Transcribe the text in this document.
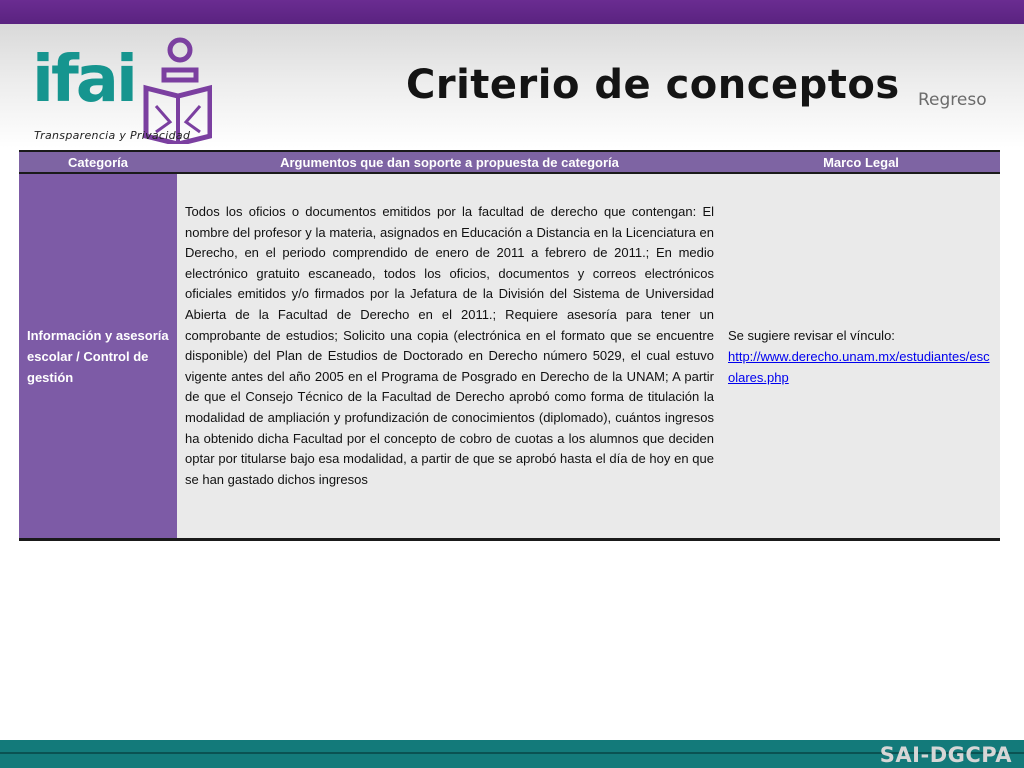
ifai
Transparencia y Privacidad
Criterio de conceptos Regreso
Categoría	Argumentos que dan soporte a propuesta de categoría	Marco Legal
Información y asesoría escolar / Control de gestión
Todos los oficios o documentos emitidos por la facultad de derecho que contengan: El nombre del profesor y la materia, asignados en Educación a Distancia en la Licenciatura en Derecho, en el periodo comprendido de enero de 2011 a febrero de 2011.; En medio electrónico gratuito escaneado, todos los oficios, documentos y correos electrónicos oficiales emitidos y/o firmados por la Jefatura de la División del Sistema de Universidad Abierta de la Facultad de Derecho en el 2011.; Requiere asesoría para tener un comprobante de estudios; Solicito una copia (electrónica en el formato que se encuentre disponible) del Plan de Estudios de Doctorado en Derecho número 5029, el cual estuvo vigente antes del año 2005 en el Programa de Posgrado en Derecho de la UNAM; A partir de que el Consejo Técnico de la Facultad de Derecho aprobó como forma de titulación la modalidad de ampliación y profundización de conocimientos (diplomado), cuántos ingresos ha obtenido dicha Facultad por el concepto de cobro de cuotas a los alumnos que deciden optar por titularse bajo esa modalidad, a partir de que se aprobó hasta el día de hoy en que se han gastado dichos ingresos
Se sugiere revisar el vínculo:
http://www.derecho.unam.mx/estudiantes/escolares.php
SAI-DGCPA
